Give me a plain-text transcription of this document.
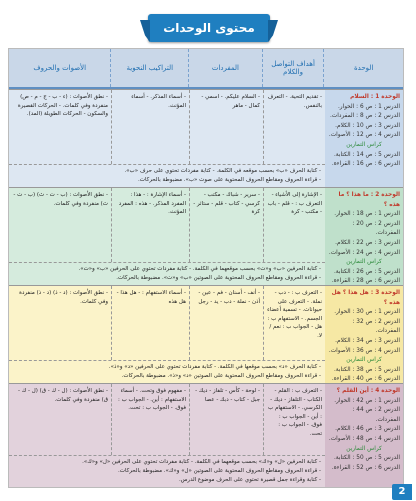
محتوى الوحدات
الوحدة
أهداف التواصل والكلام
المفردات
التراكيب النحوية
الأصوات والحروف
الوحدة 1 : السلام
الدرس 1 : ص 6 : الحوار.
الدرس 2 : ص 8 : المفردات.
الدرس 3 : ص 10 : الكلام.
الدرس 4 : ص 12 : الأصوات.
كراس التمارين
الدرس 5 : ص 14 : الكتابة.
الدرس 6 : ص 16 : القراءة.
- تقديم التحية. - التعرف بالنفس.
- السلام عليكم. - اسمي - كمال - ماهر
- أسماء المذكر. - أسماء المؤنث.
- نطق الأصوات : (ء - ب - ج - م - ص) منفردة وفي كلمات. - الحركات القصيرة والسكون - الحركات الطويلة (المد).
- كتابة الحرف «ب» بحسب موقعه في الكلمة. - كتابة مفردات تحتوي على حرف «ب».
- قراءة الحروف ومقاطع الحروف المحتوية على صوت «ب». مضبوطة بالحركات.
الوحدة 2 : ما هذا ؟ ما هذه ؟
الدرس 1 : ص 18 : الحوار.
الدرس 2 : ص 20 : المفردات.
الدرس 3 : ص 22 : الكلام.
الدرس 4 : ص 24 : الأصوات.
كراس التمارين
الدرس 5 : ص 26 : الكتابة.
الدرس 6 : ص 28 : القراءة.
- الإشارة إلى الأشياء - التعرف ب : - قلم - باب - مكتب - كرة
- سرير - شباك - مكتب - كرسي - كتاب - قلم - ستائر - كرة
- أسماء الإشارة : - هذا : المفرد المذكر. - هذه : المفرد المؤنث.
- نطق الأصوات : (ب - ت - ث) (ب - ت - ث) منفردة وفي كلمات.
- كتابة الحرفين «ب» و«ت» بحسب موقعهما في الكلمة. - كتابة مفردات تحتوي على الحرفين «ب» و«ت».
- قراءة الحروف ومقاطع الحروف المحتوية على الصوتين «ب» و«ت». مضبوطة بالحركات.
الوحدة 3 : هل هذا ؟ هل هذه ؟
الدرس 1 : ص 30 : الحوار.
الدرس 2 : ص 32 : المفردات.
الدرس 3 : ص 34 : الكلام.
الدرس 4 : ص 36 : الأصوات.
كراس التمارين
الدرس 5 : ص 38 : الكتابة.
الدرس 6 : ص 40 : القراءة.
- التعرف ب : - دب - نملة. - التعرف على حيوانات. - تسمية أعضاء الجسم. - الاستفهام ب : هل - الجواب ب : نعم / لا.
- أنف - أسنان - فم - عين - أذن - نملة - دب - يد - رجل
- أسماء الاستفهام : - هل هذا - هل هذه
- نطق الأصوات : (د - ذ) (د - ذ) منفردة وفي كلمات.
- كتابة الحرف «د» بحسب موقعها في الكلمة. - كتابة مفردات تحتوي على الحرفين «د» و«ذ».
- قراءة الحروف ومقاطع الحروف المحتوية على الصوتين «د» و«ذ». مضبوطة بالحركات.
الوحدة 4 : أين القلم ؟
الدرس 1 : ص 42 : الحوار.
الدرس 2 : ص 44 : المفردات.
الدرس 3 : ص 46 : الكلام.
الدرس 4 : ص 48 : الأصوات.
كراس التمارين
الدرس 5 : ص 50 : الكتابة.
الدرس 6 : ص 52 : القراءة.
- التعرف ب : القلم - الكتاب - التلفاز - ديك - الكرسي. - الاستفهام ب : أين - الجواب ب : فوق. - الجواب ب : تحت.
- لوحة - كأس - تلفاز - ديك - جبل - كتاب - دبك - عصا
- مفهوم فوق وتحت. - أسماء الاستفهام : أين. - الجواب ب : فوق. - الجواب ب : تحت.
- نطق الأصوات : (ل - ك - ق) (ل - ك - ق) منفردة وفي كلمات.
- كتابة الحرفين «ل» و«ك» بحسب موقعهما في الكلمة. - كتابة مفردات تحتوي على الحرفين «ل» و«ك».
- قراءة الحروف ومقاطع الحروف المحتوية على الصوتين «ل» و«ك». مضبوطة بالحركات.
- كتابة وقراءة جمل قصيرة تحتوي على الحرف موضوع الدرس.
2
